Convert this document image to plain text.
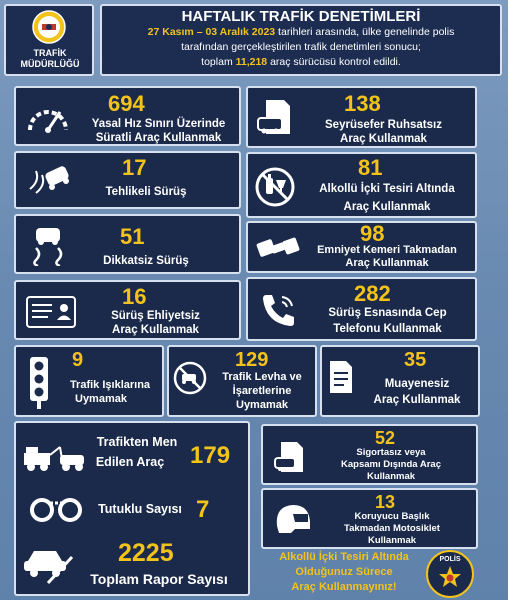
TRAFİK MÜDÜRLÜĞÜ
HAFTALIK TRAFİK DENETİMLERİ
27 Kasım – 03 Aralık 2023 tarihleri arasında, ülke genelinde polis
tarafından gerçekleştirilen trafik denetimleri sonucu;
toplam 11,218 araç sürücüsü kontrol edildi.
694
Yasal Hız Sınırı Üzerinde
Süratli Araç Kullanmak
17
Tehlikeli Sürüş
51
Dikkatsiz Sürüş
16
Sürüş Ehliyetsiz
Araç Kullanmak
138
Seyrüsefer Ruhsatsız
Araç Kullanmak
81
Alkollü İçki Tesiri Altında
Araç Kullanmak
98
Emniyet Kemeri Takmadan
Araç Kullanmak
282
Sürüş Esnasında Cep
Telefonu Kullanmak
9
Trafik Işıklarına
Uymamak
129
Trafik Levha ve
İşaretlerine
Uymamak
35
Muayenesiz
Araç Kullanmak
Trafikten Men
Edilen Araç	179
Tutuklu Sayısı 7
2225
Toplam Rapor Sayısı
52
Sigortasız veya
Kapsamı Dışında Araç
Kullanmak
13
Koruyucu Başlık
Takmadan Motosiklet
Kullanmak
Alkollü İçki Tesiri Altında
Olduğunuz Sürece
Araç Kullanmayınız!
POLİS
